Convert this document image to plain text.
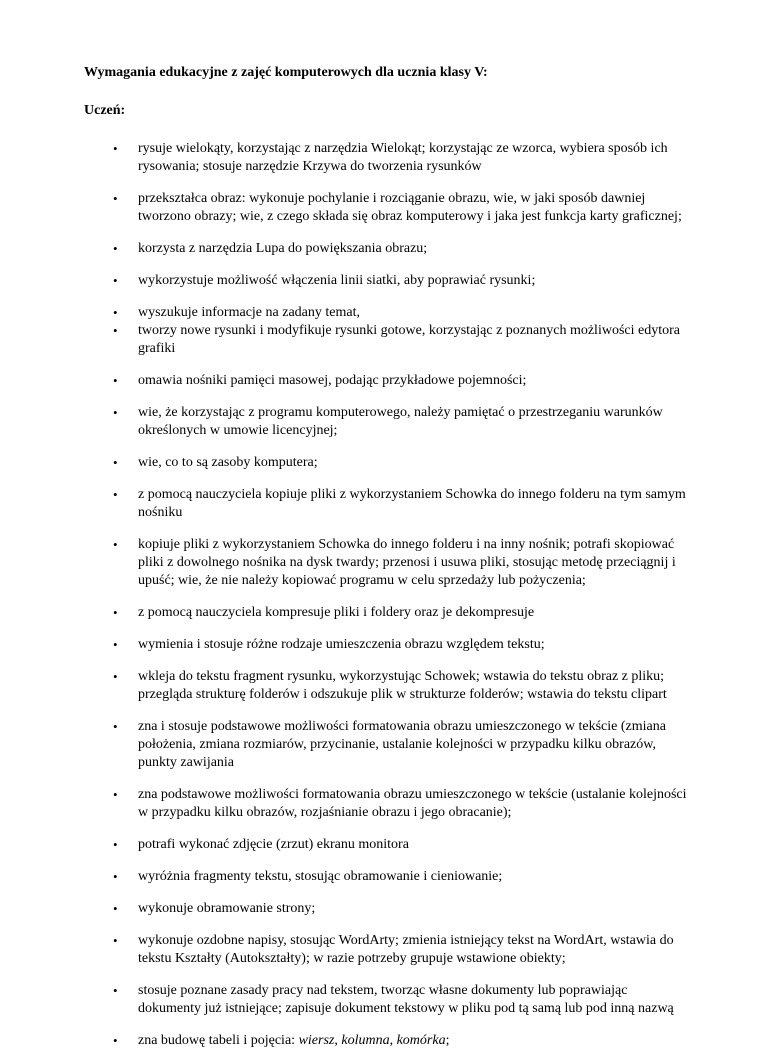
Wymagania edukacyjne z zajęć komputerowych dla ucznia klasy V:

Uczeń:

• rysuje wielokąty, korzystając z narzędzia Wielokąt; korzystając ze wzorca, wybiera sposób ich rysowania; stosuje narzędzie Krzywa do tworzenia rysunków
• przekształca obraz: wykonuje pochylanie i rozciąganie obrazu, wie, w jaki sposób dawniej tworzono obrazy; wie, z czego składa się obraz komputerowy i jaka jest funkcja karty graficznej;
• korzysta z narzędzia Lupa do powiększania obrazu;
• wykorzystuje możliwość włączenia linii siatki, aby poprawiać rysunki;
• wyszukuje informacje na zadany temat,
• tworzy nowe rysunki i modyfikuje rysunki gotowe, korzystając z poznanych możliwości edytora grafiki
• omawia nośniki pamięci masowej, podając przykładowe pojemności;
• wie, że korzystając z programu komputerowego, należy pamiętać o przestrzeganiu warunków określonych w umowie licencyjnej;
• wie, co to są zasoby komputera;
• z pomocą nauczyciela kopiuje pliki z wykorzystaniem Schowka do innego folderu na tym samym nośniku
• kopiuje pliki z wykorzystaniem Schowka do innego folderu i na inny nośnik; potrafi skopiować pliki z dowolnego nośnika na dysk twardy; przenosi i usuwa pliki, stosując metodę przeciągnij i upuść; wie, że nie należy kopiować programu w celu sprzedaży lub pożyczenia;
• z pomocą nauczyciela kompresuje pliki i foldery oraz je dekompresuje
• wymienia i stosuje różne rodzaje umieszczenia obrazu względem tekstu;
• wkleja do tekstu fragment rysunku, wykorzystując Schowek; wstawia do tekstu obraz z pliku; przegląda strukturę folderów i odszukuje plik w strukturze folderów; wstawia do tekstu clipart
• zna i stosuje podstawowe możliwości formatowania obrazu umieszczonego w tekście (zmiana położenia, zmiana rozmiarów, przycinanie, ustalanie kolejności w przypadku kilku obrazów, punkty zawijania
• zna podstawowe możliwości formatowania obrazu umieszczonego w tekście (ustalanie kolejności w przypadku kilku obrazów, rozjaśnianie obrazu i jego obracanie);
• potrafi wykonać zdjęcie (zrzut) ekranu monitora
• wyróżnia fragmenty tekstu, stosując obramowanie i cieniowanie;
• wykonuje obramowanie strony;
• wykonuje ozdobne napisy, stosując WordArty; zmienia istniejący tekst na WordArt, wstawia do tekstu Kształty (Autokształty); w razie potrzeby grupuje wstawione obiekty;
• stosuje poznane zasady pracy nad tekstem, tworząc własne dokumenty lub poprawiając dokumenty już istniejące; zapisuje dokument tekstowy w pliku pod tą samą lub pod inną nazwą
• zna budowę tabeli i pojęcia: wiersz, kolumna, komórka;
